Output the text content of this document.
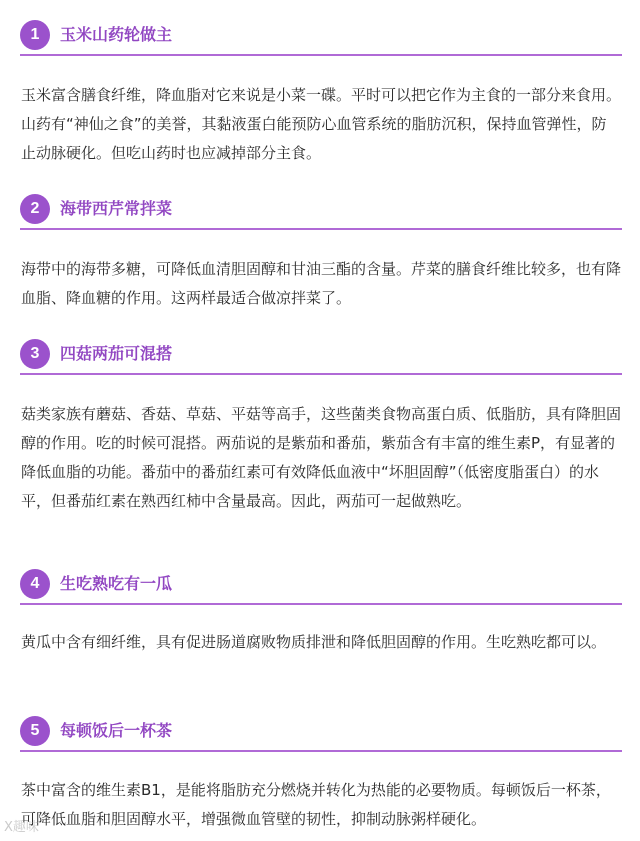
1	玉米山药轮做主
玉米富含膳食纤维，降血脂对它来说是小菜一碟。平时可以把它作为主食的一部分来食用。山药有“神仙之食”的美誉，其黏液蛋白能预防心血管系统的脂肪沉积，保持血管弹性，防止动脉硬化。但吃山药时也应减掉部分主食。
2	海带西芹常拌菜
海带中的海带多糖，可降低血清胆固醇和甘油三酯的含量。芹菜的膳食纤维比较多，也有降血脂、降血糖的作用。这两样最适合做凉拌菜了。
3	四菇两茄可混搭
菇类家族有蘑菇、香菇、草菇、平菇等高手，这些菌类食物高蛋白质、低脂肪，具有降胆固醇的作用。吃的时候可混搭。两茄说的是紫茄和番茄，紫茄含有丰富的维生素P，有显著的降低血脂的功能。番茄中的番茄红素可有效降低血液中“坏胆固醇”（低密度脂蛋白）的水平，但番茄红素在熟西红柿中含量最高。因此，两茄可一起做熟吃。
4	生吃熟吃有一瓜
黄瓜中含有细纤维，具有促进肠道腐败物质排泄和降低胆固醇的作用。生吃熟吃都可以。
5	每顿饭后一杯茶
茶中富含的维生素B1，是能将脂肪充分燃烧并转化为热能的必要物质。每顿饭后一杯茶，可降低血脂和胆固醇水平，增强微血管壁的韧性，抑制动脉粥样硬化。
X趣味
